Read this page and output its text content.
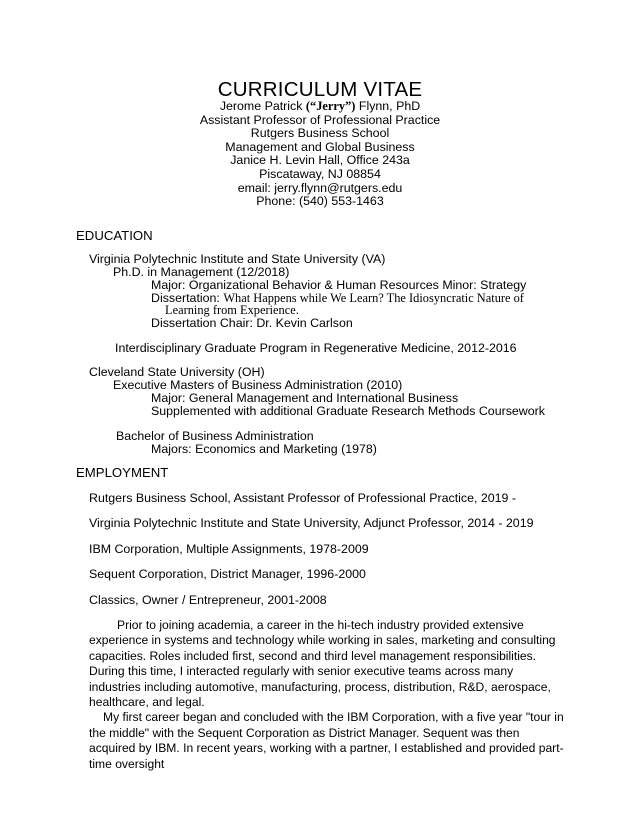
CURRICULUM VITAE
Jerome Patrick (“Jerry”) Flynn, PhD
Assistant Professor of Professional Practice
Rutgers Business School
Management and Global Business
Janice H. Levin Hall, Office 243a
Piscataway, NJ 08854
email: jerry.flynn@rutgers.edu
Phone: (540) 553-1463
EDUCATION
Virginia Polytechnic Institute and State University (VA)
Ph.D. in Management (12/2018)
Major: Organizational Behavior & Human Resources Minor: Strategy
Dissertation: What Happens while We Learn? The Idiosyncratic Nature of
Learning from Experience.
Dissertation Chair: Dr. Kevin Carlson
Interdisciplinary Graduate Program in Regenerative Medicine, 2012-2016
Cleveland State University (OH)
Executive Masters of Business Administration (2010)
Major: General Management and International Business
Supplemented with additional Graduate Research Methods Coursework
Bachelor of Business Administration
Majors: Economics and Marketing (1978)
EMPLOYMENT
Rutgers Business School, Assistant Professor of Professional Practice, 2019 -
Virginia Polytechnic Institute and State University, Adjunct Professor, 2014 - 2019
IBM Corporation, Multiple Assignments, 1978-2009
Sequent Corporation, District Manager, 1996-2000
Classics, Owner / Entrepreneur, 2001-2008

Prior to joining academia, a career in the hi-tech industry provided extensive experience in systems and technology while working in sales, marketing and consulting capacities. Roles included first, second and third level management responsibilities. During this time, I interacted regularly with senior executive teams across many industries including automotive, manufacturing, process, distribution, R&D, aerospace, healthcare, and legal.

My first career began and concluded with the IBM Corporation, with a five year "tour in the middle" with the Sequent Corporation as District Manager. Sequent was then acquired by IBM. In recent years, working with a partner, I established and provided part-time oversight
